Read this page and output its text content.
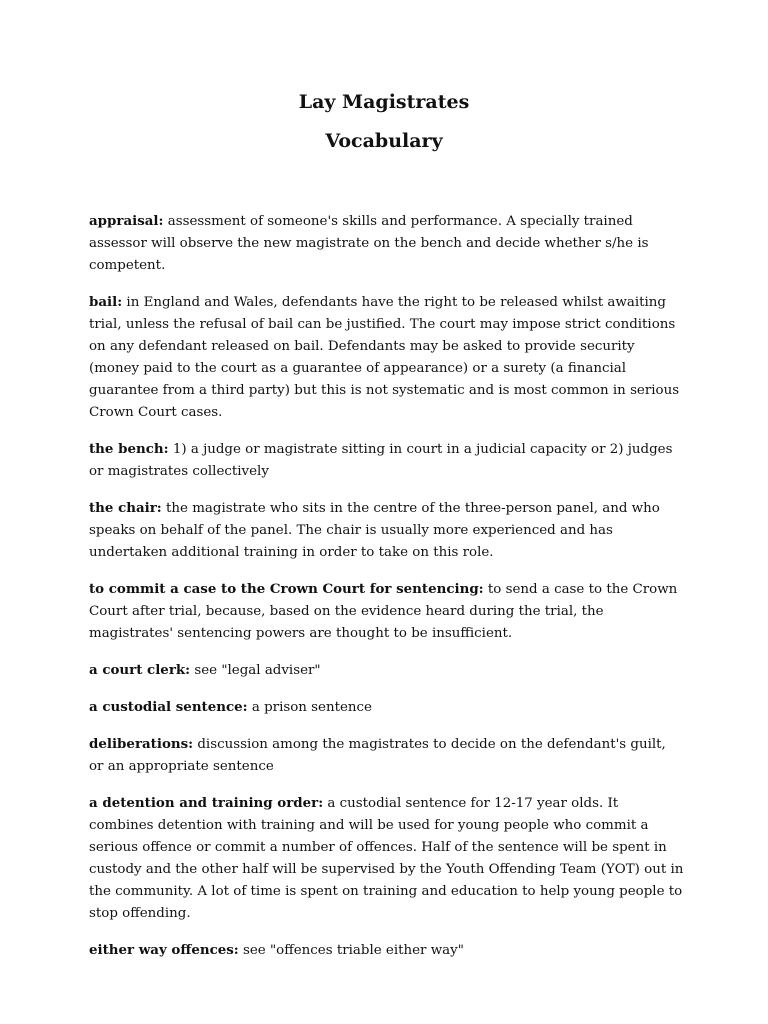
Lay Magistrates
Vocabulary

appraisal: assessment of someone's skills and performance. A specially trained assessor will observe the new magistrate on the bench and decide whether s/he is competent.

bail: in England and Wales, defendants have the right to be released whilst awaiting trial, unless the refusal of bail can be justified. The court may impose strict conditions on any defendant released on bail. Defendants may be asked to provide security (money paid to the court as a guarantee of appearance) or a surety (a financial guarantee from a third party) but this is not systematic and is most common in serious Crown Court cases.

the bench: 1) a judge or magistrate sitting in court in a judicial capacity or 2) judges or magistrates collectively

the chair: the magistrate who sits in the centre of the three-person panel, and who speaks on behalf of the panel. The chair is usually more experienced and has undertaken additional training in order to take on this role.

to commit a case to the Crown Court for sentencing: to send a case to the Crown Court after trial, because, based on the evidence heard during the trial, the magistrates' sentencing powers are thought to be insufficient.

a court clerk: see "legal adviser"

a custodial sentence: a prison sentence

deliberations: discussion among the magistrates to decide on the defendant's guilt, or an appropriate sentence

a detention and training order: a custodial sentence for 12-17 year olds. It combines detention with training and will be used for young people who commit a serious offence or commit a number of offences. Half of the sentence will be spent in custody and the other half will be supervised by the Youth Offending Team (YOT) out in the community. A lot of time is spent on training and education to help young people to stop offending.

either way offences: see "offences triable either way"
